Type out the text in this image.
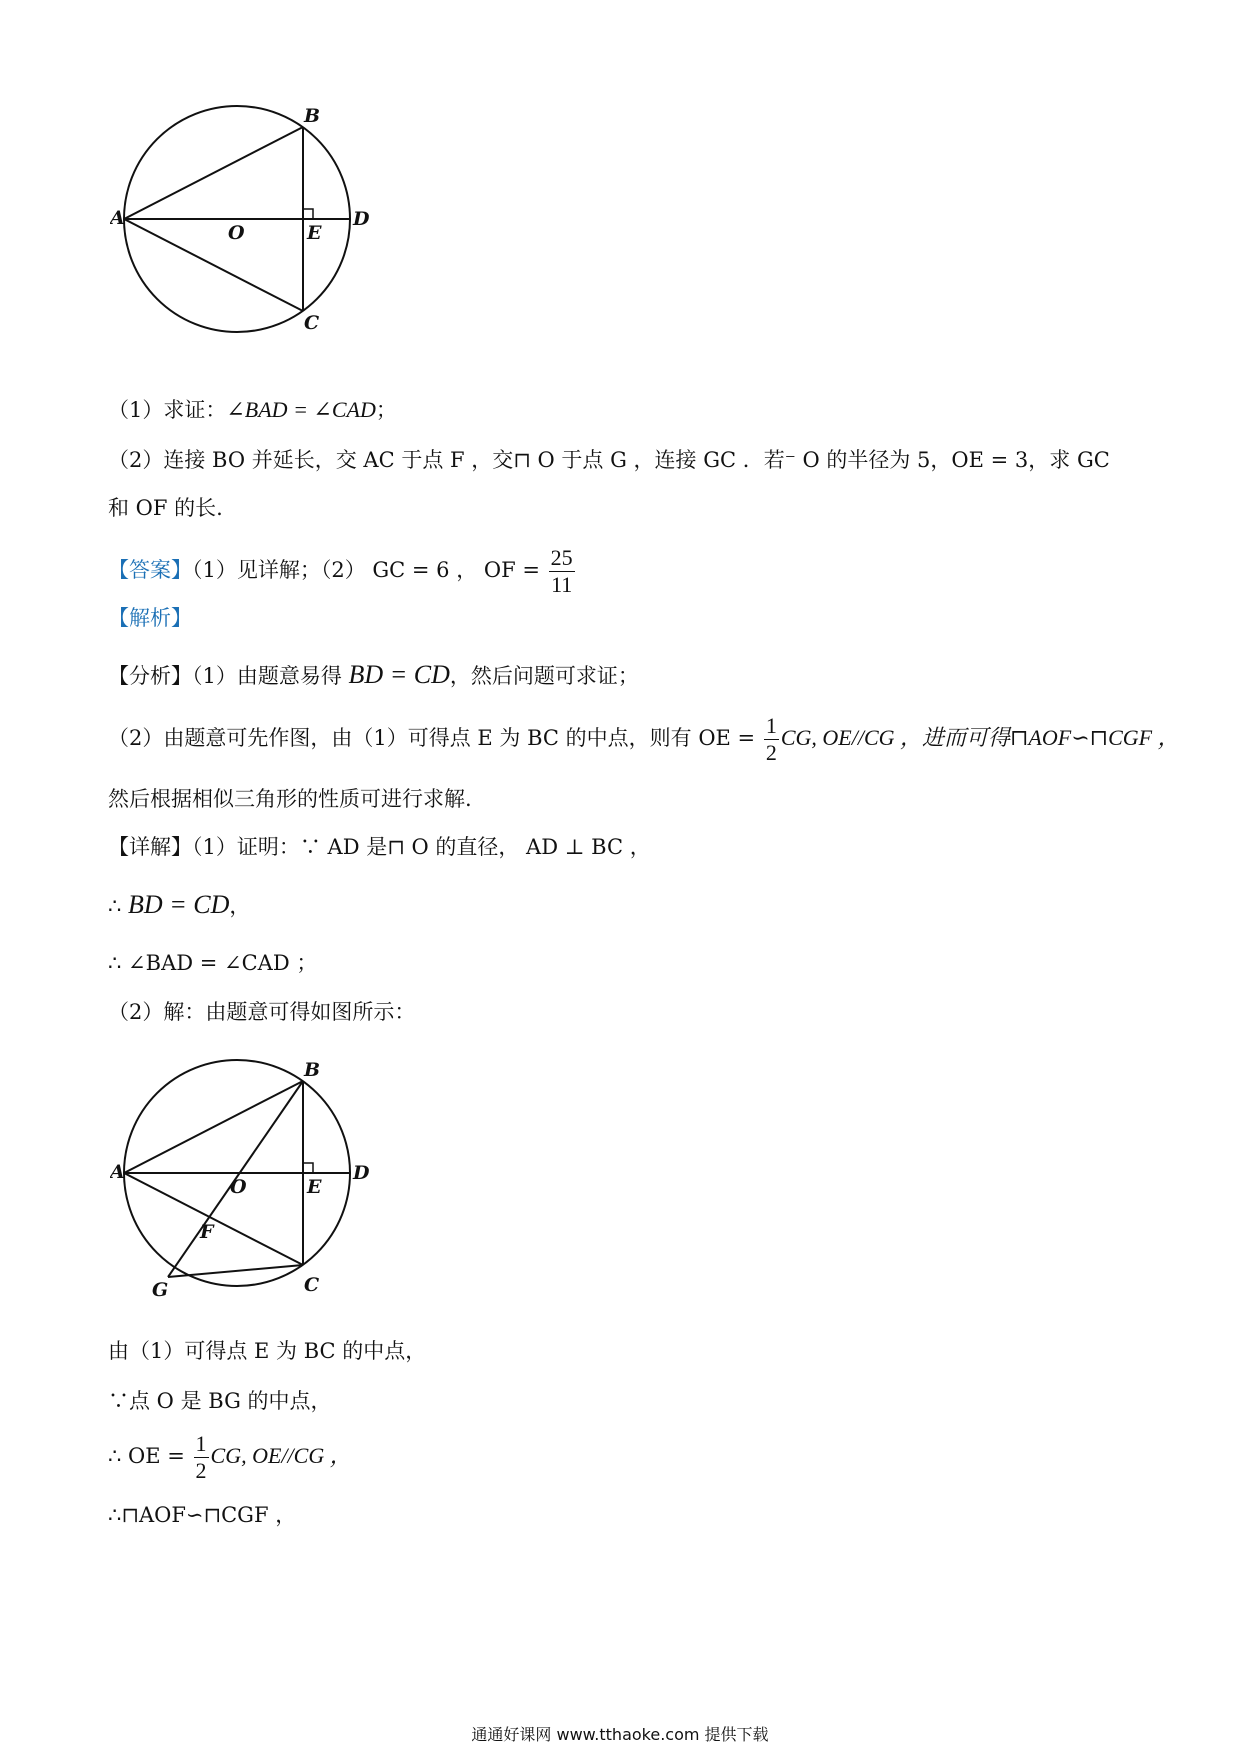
A
B
C
D
E
O
（1）求证：∠BAD = ∠CAD；
（2）连接 BO 并延长，交 AC 于点 F ，交⊓ O 于点 G ，连接 GC ．若⁻ O 的半径为 5，OE = 3，求 GC
和 OF 的长.
【答案】（1）见详解；（2） GC = 6 ， OF = $\frac{25}{11}$
【解析】
【分析】（1）由题意易得 BD = CD，然后问题可求证；
（2）由题意可先作图，由（1）可得点 E 为 BC 的中点，则有 OE = $\frac{1}{2}$ CG, OE//CG ，进而可得⊓AOF∽⊓CGF ，
然后根据相似三角形的性质可进行求解.
【详解】（1）证明：∵ AD 是⊓ O 的直径， AD ⊥ BC ，
∴ BD = CD，
∴ ∠BAD = ∠CAD ；
（2）解：由题意可得如图所示：
A
B
C
D
E
O
F
G
由（1）可得点 E 为 BC 的中点，
∵点 O 是 BG 的中点，
∴ OE = $\frac{1}{2}$ CG, OE//CG ，
∴⊓AOF∽⊓CGF ，
通通好课网 www.tthaoke.com 提供下载
